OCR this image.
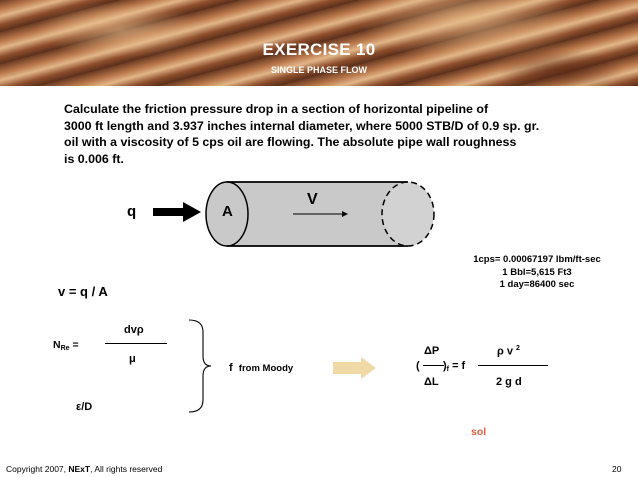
EXERCISE 10
SINGLE PHASE FLOW
Calculate the friction pressure drop in a section of horizontal pipeline of
3000 ft length and 3.937 inches internal diameter, where 5000 STB/D of 0.9 sp. gr.
oil with a viscosity of 5 cps oil are flowing. The absolute pipe wall roughness
is 0.006 ft.
q	A
V
1cps= 0.00067197 lbm/ft-sec
1 Bbl=5,615 Ft3
1 day=86400 sec
v = q / A
$N_{Re}$ =
dvρ
μ
ε/D
f from Moody
ΔP
( )$_f = f$
ΔL
ρ v $^2$
2 g d
sol
Copyright 2007, NExT, All rights reserved	20
